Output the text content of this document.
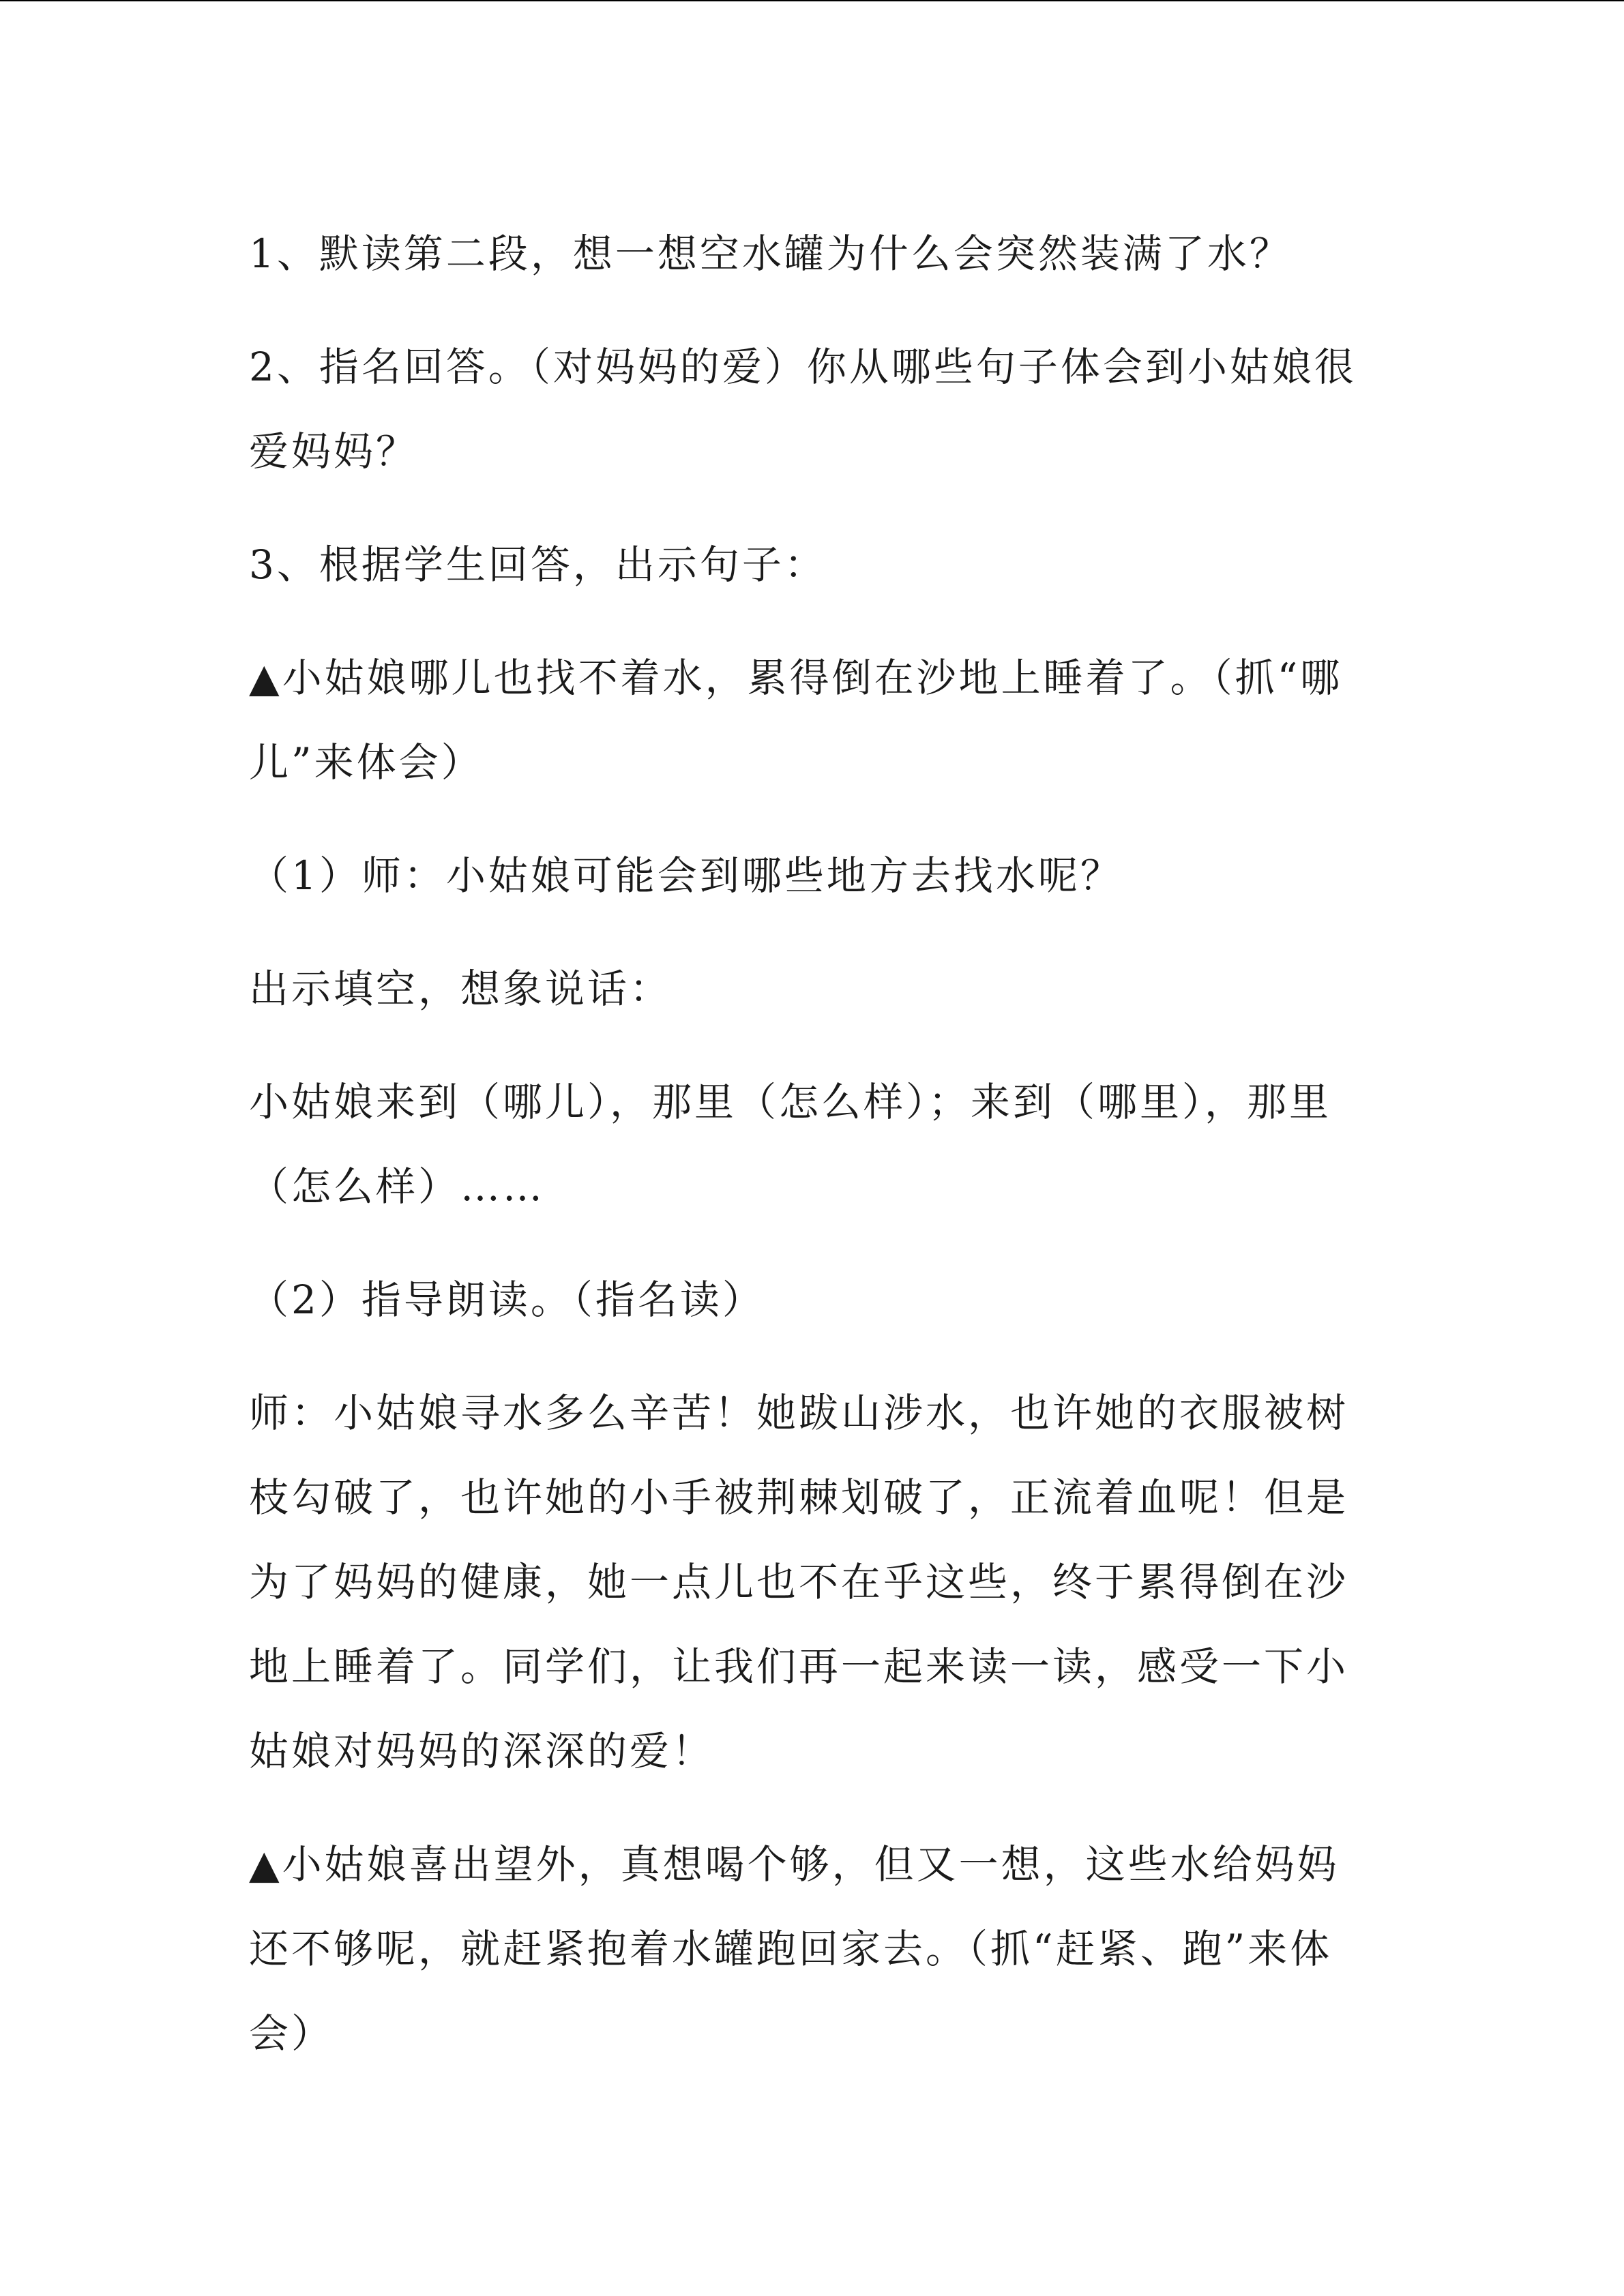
1、默读第二段，想一想空水罐为什么会突然装满了水？

2、指名回答。（对妈妈的爱）你从哪些句子体会到小姑娘很爱妈妈？

3、根据学生回答，出示句子：

▲小姑娘哪儿也找不着水，累得倒在沙地上睡着了。（抓“哪儿”来体会）

（1）师：小姑娘可能会到哪些地方去找水呢？

出示填空，想象说话：

小姑娘来到（哪儿），那里（怎么样）；来到（哪里），那里（怎么样）……

（2）指导朗读。（指名读）

师：小姑娘寻水多么辛苦！她跋山涉水，也许她的衣服被树枝勾破了，也许她的小手被荆棘划破了，正流着血呢！但是为了妈妈的健康，她一点儿也不在乎这些，终于累得倒在沙地上睡着了。同学们，让我们再一起来读一读，感受一下小姑娘对妈妈的深深的爱！

▲小姑娘喜出望外，真想喝个够，但又一想，这些水给妈妈还不够呢，就赶紧抱着水罐跑回家去。（抓“赶紧、跑”来体会）
